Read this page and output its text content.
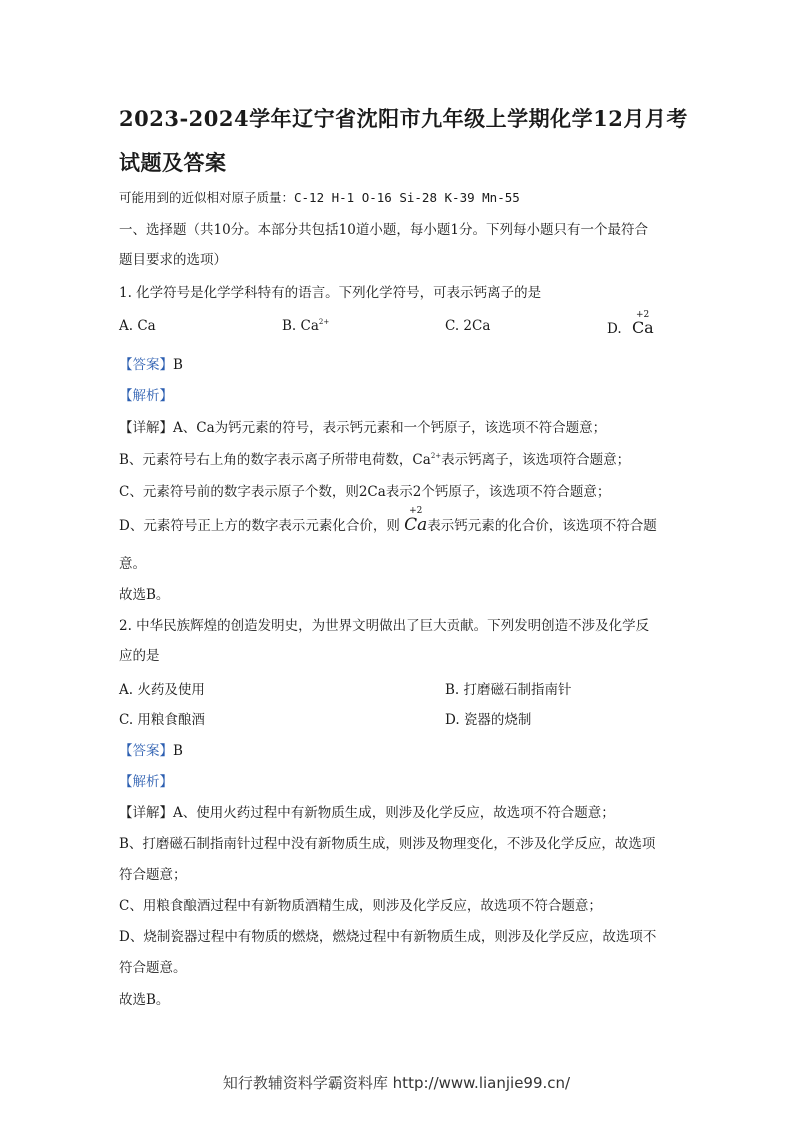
2023-2024学年辽宁省沈阳市九年级上学期化学12月月考
试题及答案
可能用到的近似相对原子质量：C-12 H-1 O-16 Si-28 K-39 Mn-55
一、选择题（共10分。本部分共包括10道小题，每小题1分。下列每小题只有一个最符合
题目要求的选项）
1. 化学符号是化学学科特有的语言。下列化学符号，可表示钙离子的是
A. Ca	B. $Ca^{2+}$	C. 2Ca	D.
+2
Ca
【答案】B
【解析】
【详解】A、Ca为钙元素的符号，表示钙元素和一个钙原子，该选项不符合题意；
B、元素符号右上角的数字表示离子所带电荷数，$Ca^{2+}$表示钙离子，该选项符合题意；
C、元素符号前的数字表示原子个数，则2Ca表示2个钙原子，该选项不符合题意；
D、元素符号正上方的数字表示元素化合价，则
+2
Ca表示钙元素的化合价，该选项不符合题
意。
故选B。
2. 中华民族辉煌的创造发明史，为世界文明做出了巨大贡献。下列发明创造不涉及化学反
应的是
A. 火药及使用	B. 打磨磁石制指南针
C. 用粮食酿酒	D. 瓷器的烧制
【答案】B
【解析】
【详解】A、使用火药过程中有新物质生成，则涉及化学反应，故选项不符合题意；
B、打磨磁石制指南针过程中没有新物质生成，则涉及物理变化，不涉及化学反应，故选项
符合题意；
C、用粮食酿酒过程中有新物质酒精生成，则涉及化学反应，故选项不符合题意；
D、烧制瓷器过程中有物质的燃烧，燃烧过程中有新物质生成，则涉及化学反应，故选项不
符合题意。
故选B。
知行教辅资料学霸资料库 http://www.lianjie99.cn/
